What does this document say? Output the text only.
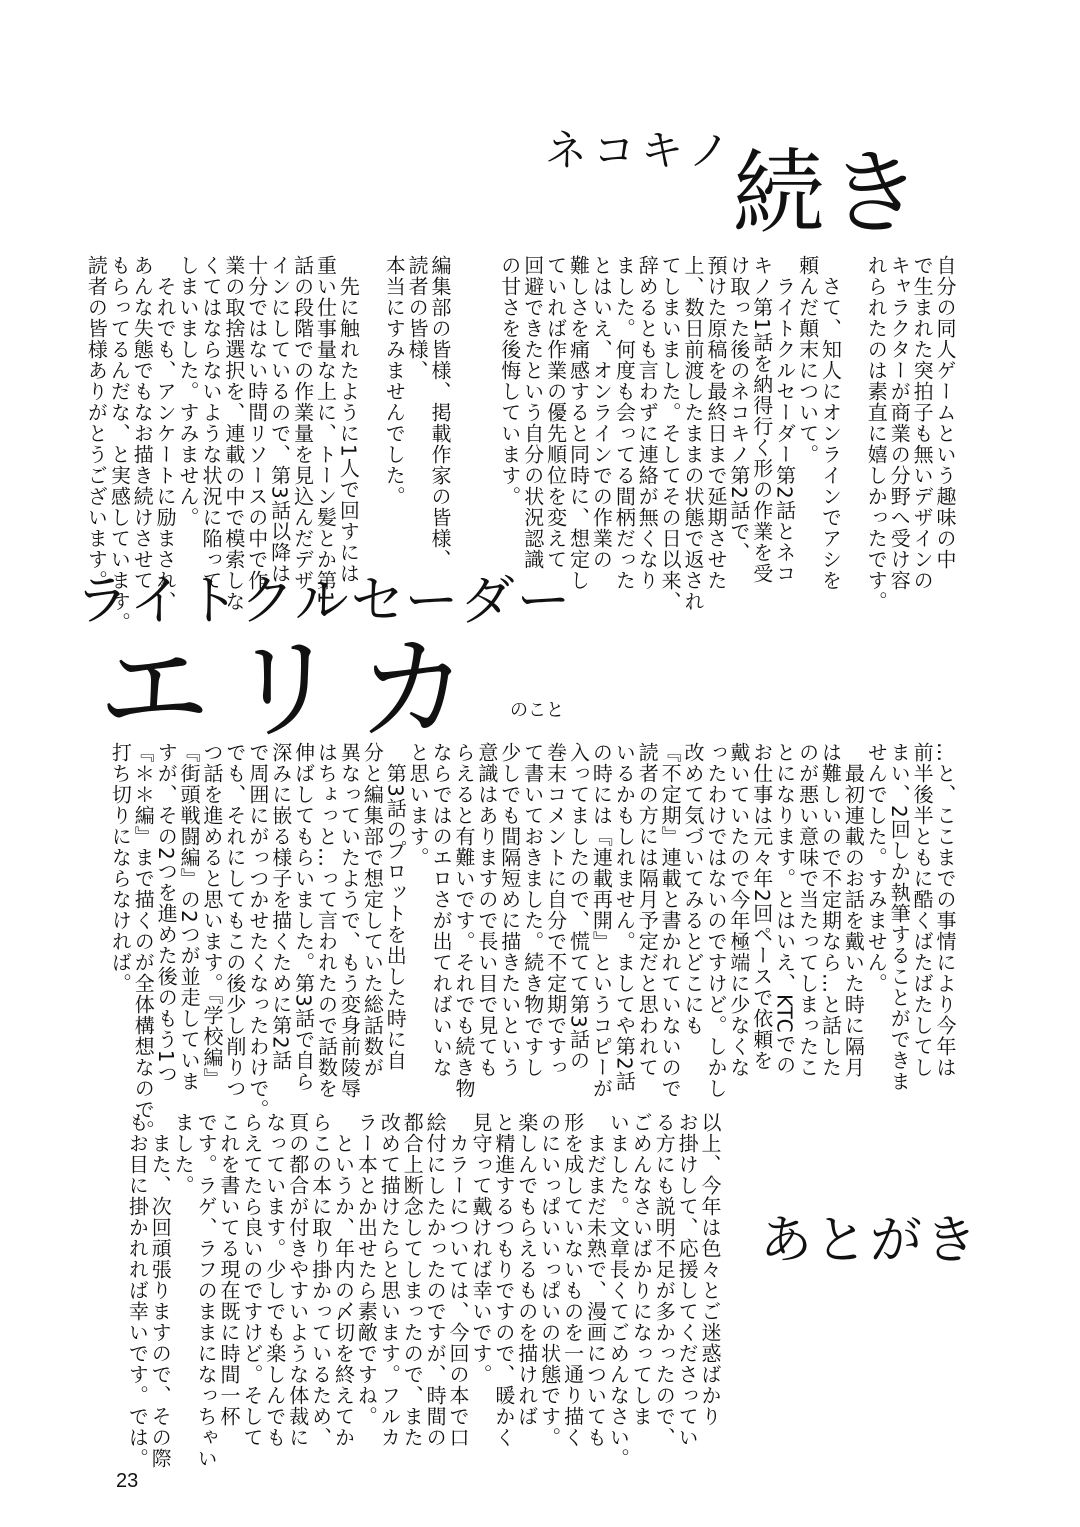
ネコキノ
続き
自分の同人ゲームという趣味の中
で生まれた突拍子も無いデザインの
キャラクターが商業の分野へ受け容
れられたのは素直に嬉しかったです。
　さて、知人にオンラインでアシを
頼んだ顛末について。
　ライトクルセーダー第2話とネコ
キノ第1話を納得行く形の作業を受
け取った後のネコキノ第2話で、
預けた原稿を最終日まで延期させた
上、数日前渡したままの状態で返され
てしまいました。そしてその日以来、
辞めるとも言わずに連絡が無くなり
ました。何度も会ってる間柄だった
とはいえ、オンラインでの作業の
難しさを痛感すると同時に、想定し
ていれば作業の優先順位を変えて
回避できたという自分の状況認識
の甘さを後悔しています。
編集部の皆様、掲載作家の皆様、
読者の皆様、
本当にすみませんでした。
　先に触れたように1人で回すには
重い仕事量な上に、トーン髪とか第1
話の段階での作業量を見込んだデザ
インにしているので、第3話以降は
十分ではない時間リソースの中で作
業の取捨選択を、連載の中で模索しな
くてはならないような状況に陥って
しまいました。すみません。
　それでも、アンケートに励まされ、
あんな失態でもなお描き続けさせて
もらってるんだな、と実感しています。
読者の皆様ありがとうございます。
ライトクルセーダー
エリカ のこと
…と、ここまでの事情により今年は
前半後半ともに酷くばたばたしてし
まい、2回しか執筆することができま
せんでした。すみません。
　最初連載のお話を戴いた時に隔月
は難しいので不定期なら…と話した
のが悪い意味で当たってしまったこ
とになります。とはいえ、KTCでの
お仕事は元々年2回ペースで依頼を
戴いていたので今年極端に少なくな
ったわけではないのですけど。しかし
改めて気づいてみるとどこにも
『不定期』連載と書かれていないので
読者の方には隔月予定だと思われて
いるかもしれません。ましてや第2話
の時には『連載再開』というコピーが
入ってましたので、慌てて第3話の
巻末コメントに自分で不定期ですっ
て書いておきました。続き物ですし
少しでも間隔短めに描きたいという
意識はありますので長い目で見ても
らえると有難いです。それでも続き物
ならではのエロさが出てればいいな
と思います。
　第3話のプロットを出した時に自
分と編集部で想定していた総話数が
異なっていたようで、もう変身前陵辱
はちょっと…って言われたので話数を
伸ばしてもらいました。第3話で自ら
深みに嵌る様子を描くために第2話
で周囲にがっつかせたくなったわけで。
でも、それにしてもこの後少し削りつ
つ話を進めると思います。『学校編』
『街頭戦闘編』の2つが並走していま
すが、その2つを進めた後のもう1つ
『＊＊編』まで描くのが全体構想なので。
打ち切りにならなければ。
あとがき
以上、今年は色々とご迷惑ばかり
お掛けして、応援してくださってい
る方にも説明不足が多かったので、
ごめんなさいばかりになってしま
いました。文章長くてごめんなさい。
　まだまだ未熟で、漫画についても
形を成していないものを一通り描く
のにいっぱいいっぱいの状態です。
楽しんでもらえるものを描ければ
と精進するつもりですので、暖かく
見守って戴ければ幸いです。
　カラーについては、今回の本で口
絵付にしたかったのですが、時間の
都合上断念してしまったので、また
改めて描けたらと思います。フルカ
ラー本とか出せたら素敵ですね。
　というか、年内の〆切を終えてか
らこの本に取り掛かっているため、
頁の都合が付きやすいような体裁に
なっています。少しでも楽しんでも
らえてたら良いのですけど。そして
これを書いてる現在既に時間一杯
です。ラゲ、ラフのままになっちゃい
ました。
　また、次回頑張りますので、その際
もお目に掛かれれば幸いです。では。
23
